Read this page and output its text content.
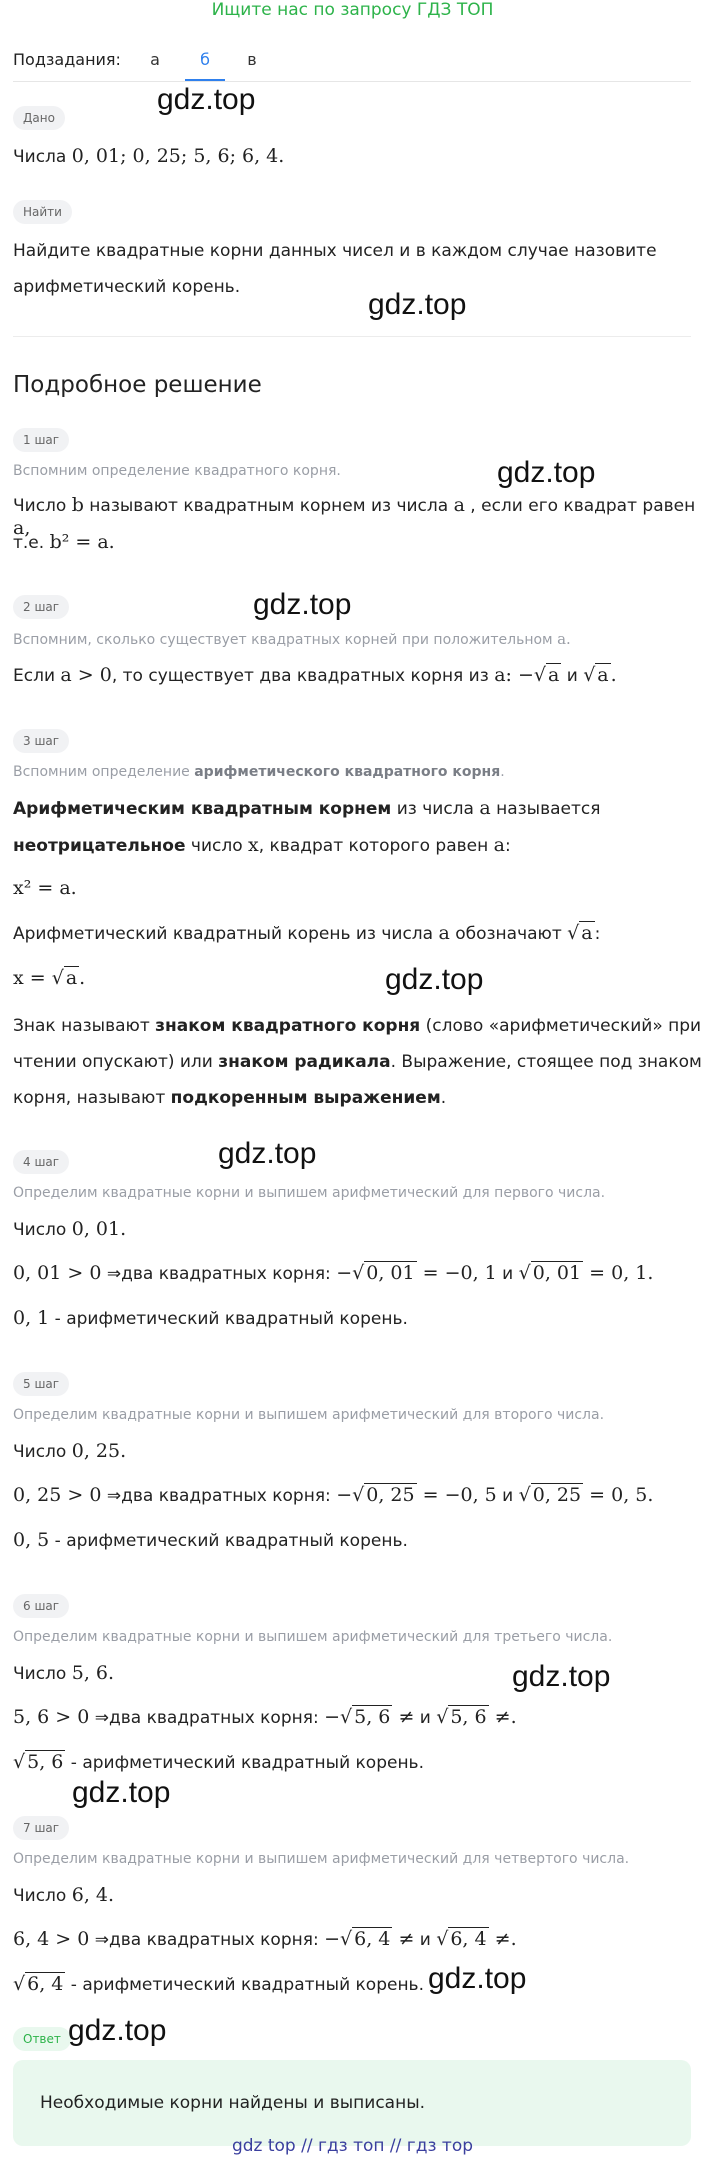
Ищите нас по запросу ГДЗ ТОП
Подзадания:	а	б	в
Дано
gdz.top
Числа 0, 01; 0, 25; 5, 6; 6, 4.
Найти
Найдите квадратные корни данных чисел и в каждом случае назовите
арифметический корень.
gdz.top
Подробное решение
1 шаг
Вспомним определение квадратного корня.	gdz.top
Число b называют квадратным корнем из числа a , если его квадрат равен a,
т.е. b² = a.
2 шаг	gdz.top
Вспомним, сколько существует квадратных корней при положительном a.
Если a > 0, то существует два квадратных корня из a: −√ a и √ a .
3 шаг
Вспомним определение арифметического квадратного корня.
Арифметическим квадратным корнем из числа a называется
неотрицательное число x, квадрат которого равен a:
x² = a.
Арифметический квадратный корень из числа a обозначают √ a :
x = √ a .	gdz.top
Знак называют знаком квадратного корня (слово «арифметический» при
чтении опускают) или знаком радикала. Выражение, стоящее под знаком
корня, называют подкоренным выражением.
4 шаг	gdz.top
Определим квадратные корни и выпишем арифметический для первого числа.
Число 0, 01.
0, 01 > 0 ⇒два квадратных корня: −√ 0, 01 = −0, 1 и √ 0, 01 = 0, 1.
0, 1 - арифметический квадратный корень.
5 шаг
Определим квадратные корни и выпишем арифметический для второго числа.
Число 0, 25.
0, 25 > 0 ⇒два квадратных корня: −√ 0, 25 = −0, 5 и √ 0, 25 = 0, 5.
0, 5 - арифметический квадратный корень.
6 шаг
Определим квадратные корни и выпишем арифметический для третьего числа.
Число 5, 6.	gdz.top
5, 6 > 0 ⇒два квадратных корня: −√ 5, 6 ≠ и √ 5, 6 ≠.
√ 5, 6 - арифметический квадратный корень.
gdz.top
7 шаг
Определим квадратные корни и выпишем арифметический для четвертого числа.
Число 6, 4.
6, 4 > 0 ⇒два квадратных корня: −√ 6, 4 ≠ и √ 6, 4 ≠.
√ 6, 4 - арифметический квадратный корень. gdz.top
Ответ gdz.top
Необходимые корни найдены и выписаны.
gdz top // гдз топ // гдз тор
